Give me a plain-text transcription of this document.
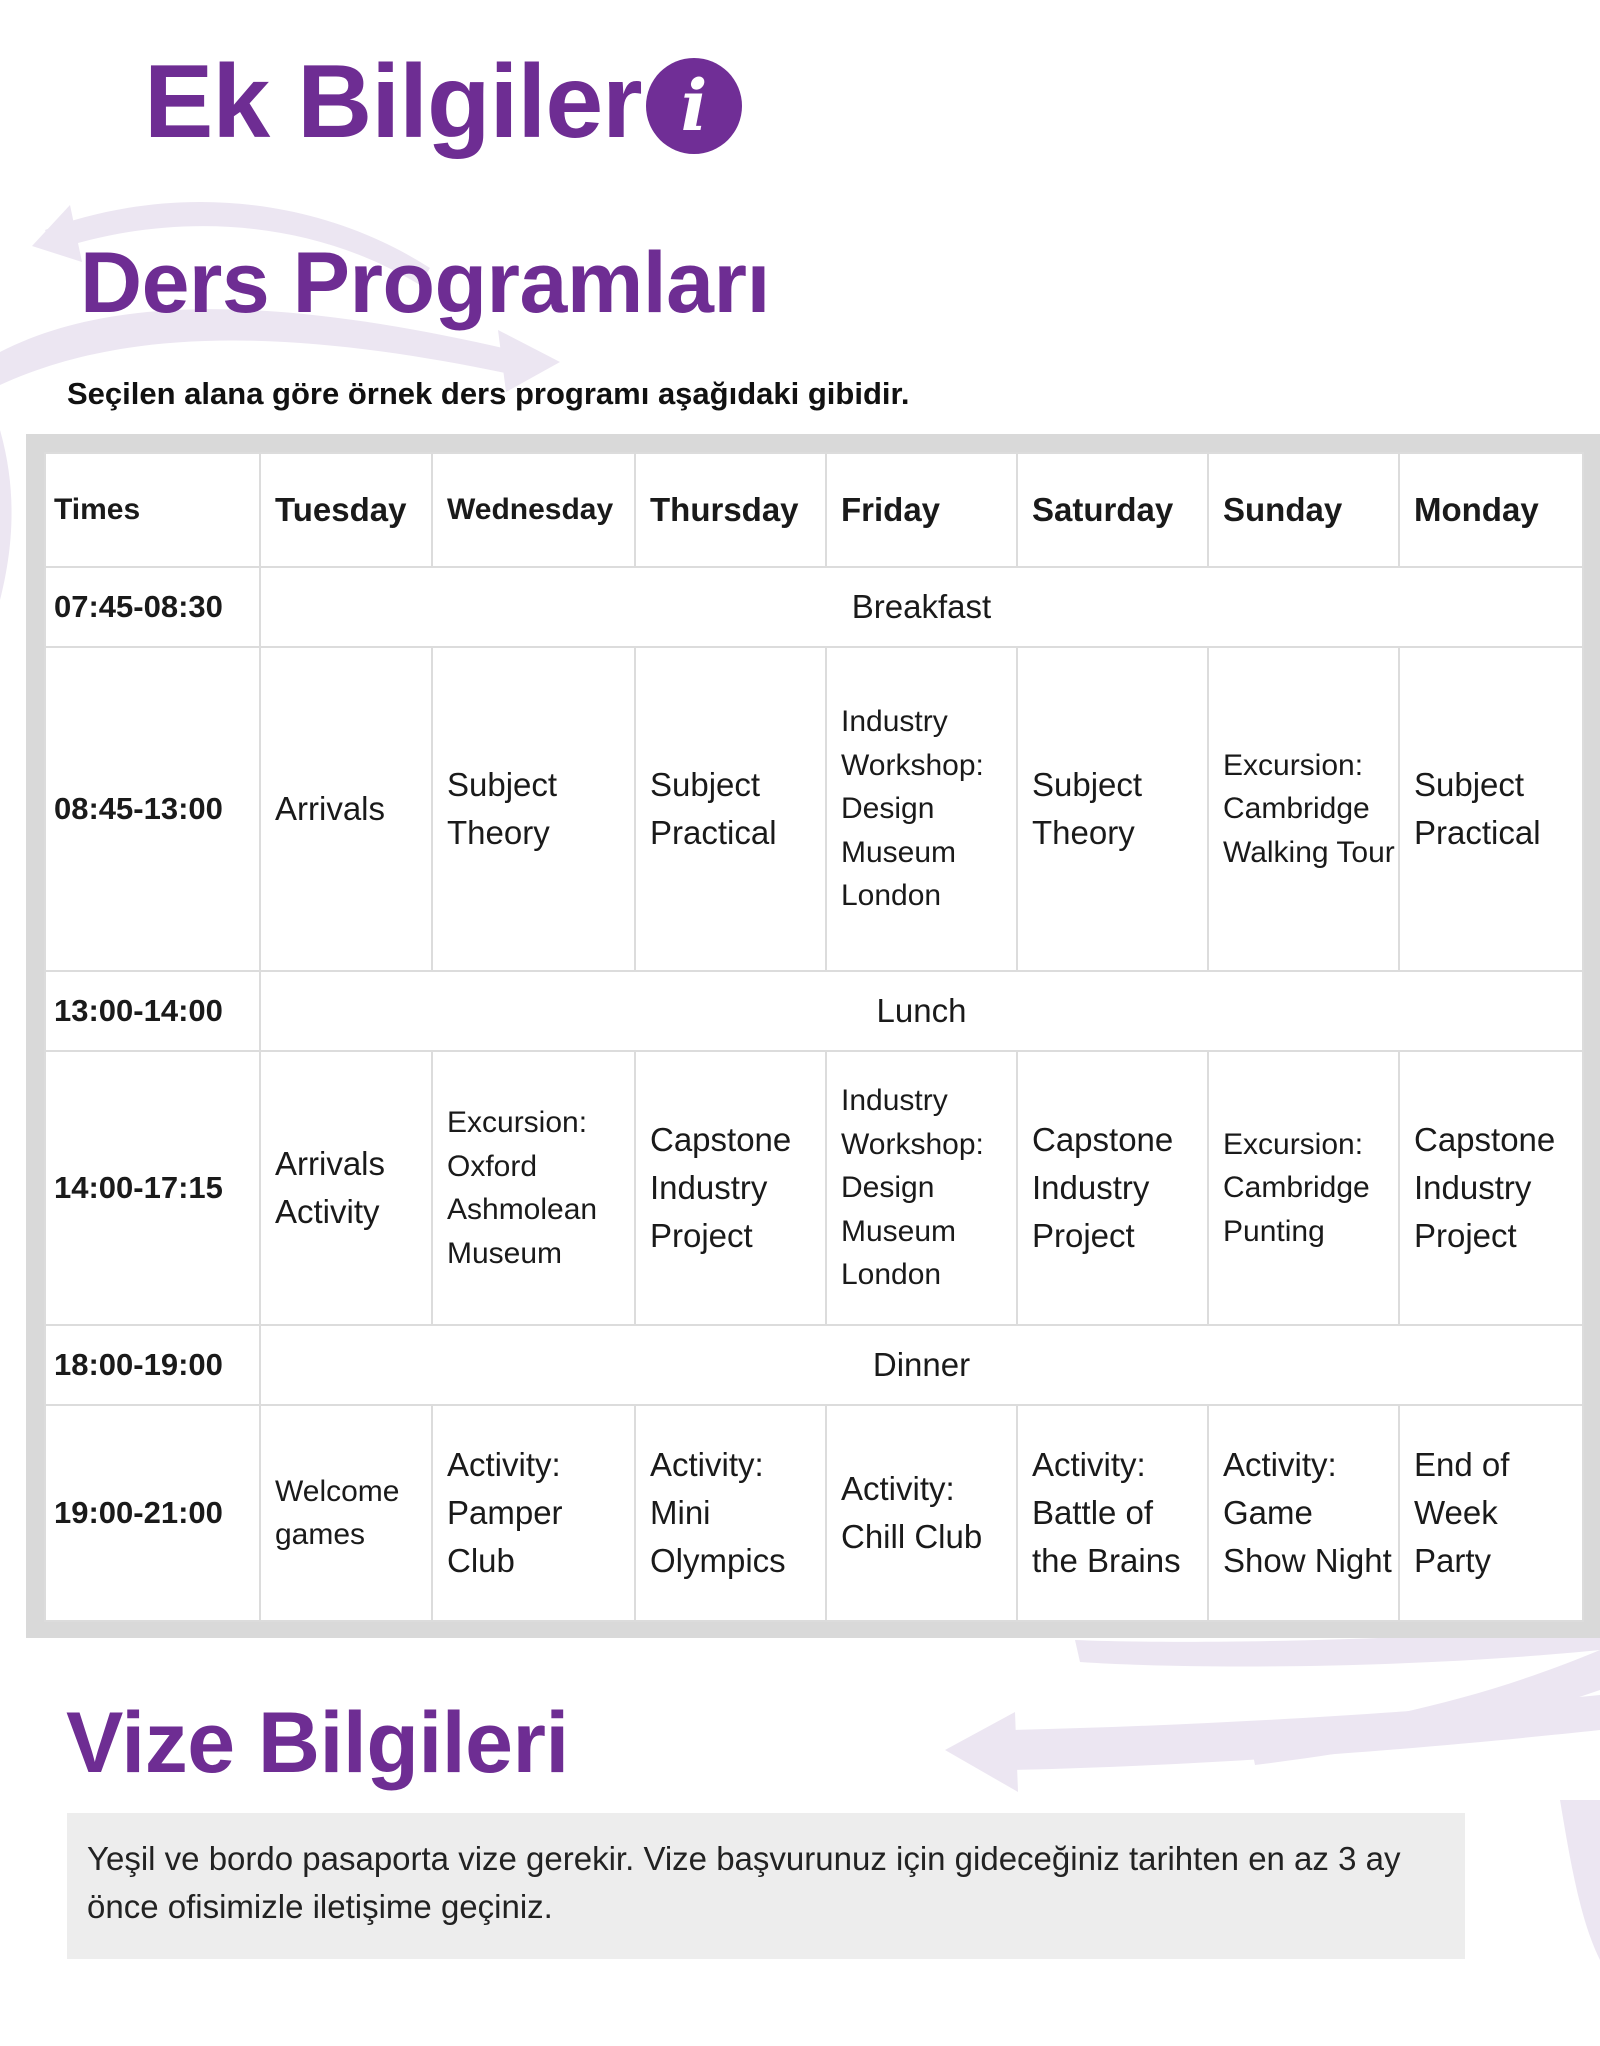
Ek Bilgiler i
Ders Programları

Seçilen alana göre örnek ders programı aşağıdaki gibidir.

Times	Tuesday	Wednesday	Thursday	Friday	Saturday	Sunday	Monday
07:45-08:30	Breakfast						
08:45-13:00	Arrivals	Subject Theory	Subject Practical	Industry Workshop: Design Museum London	Subject Theory	Excursion: Cambridge Walking Tour	Subject Practical
13:00-14:00	Lunch						
14:00-17:15	Arrivals Activity	Excursion: Oxford Ashmolean Museum	Capstone Industry Project	Industry Workshop: Design Museum London	Capstone Industry Project	Excursion: Cambridge Punting	Capstone Industry Project
18:00-19:00	Dinner						
19:00-21:00	Welcome games	Activity: Pamper Club	Activity: Mini Olympics	Activity: Chill Club	Activity: Battle of the Brains	Activity: Game Show Night	End of Week Party
Vize Bilgileri

Yeşil ve bordo pasaporta vize gerekir. Vize başvurunuz için gideceğiniz tarihten en az 3 ay önce ofisimizle iletişime geçiniz.
